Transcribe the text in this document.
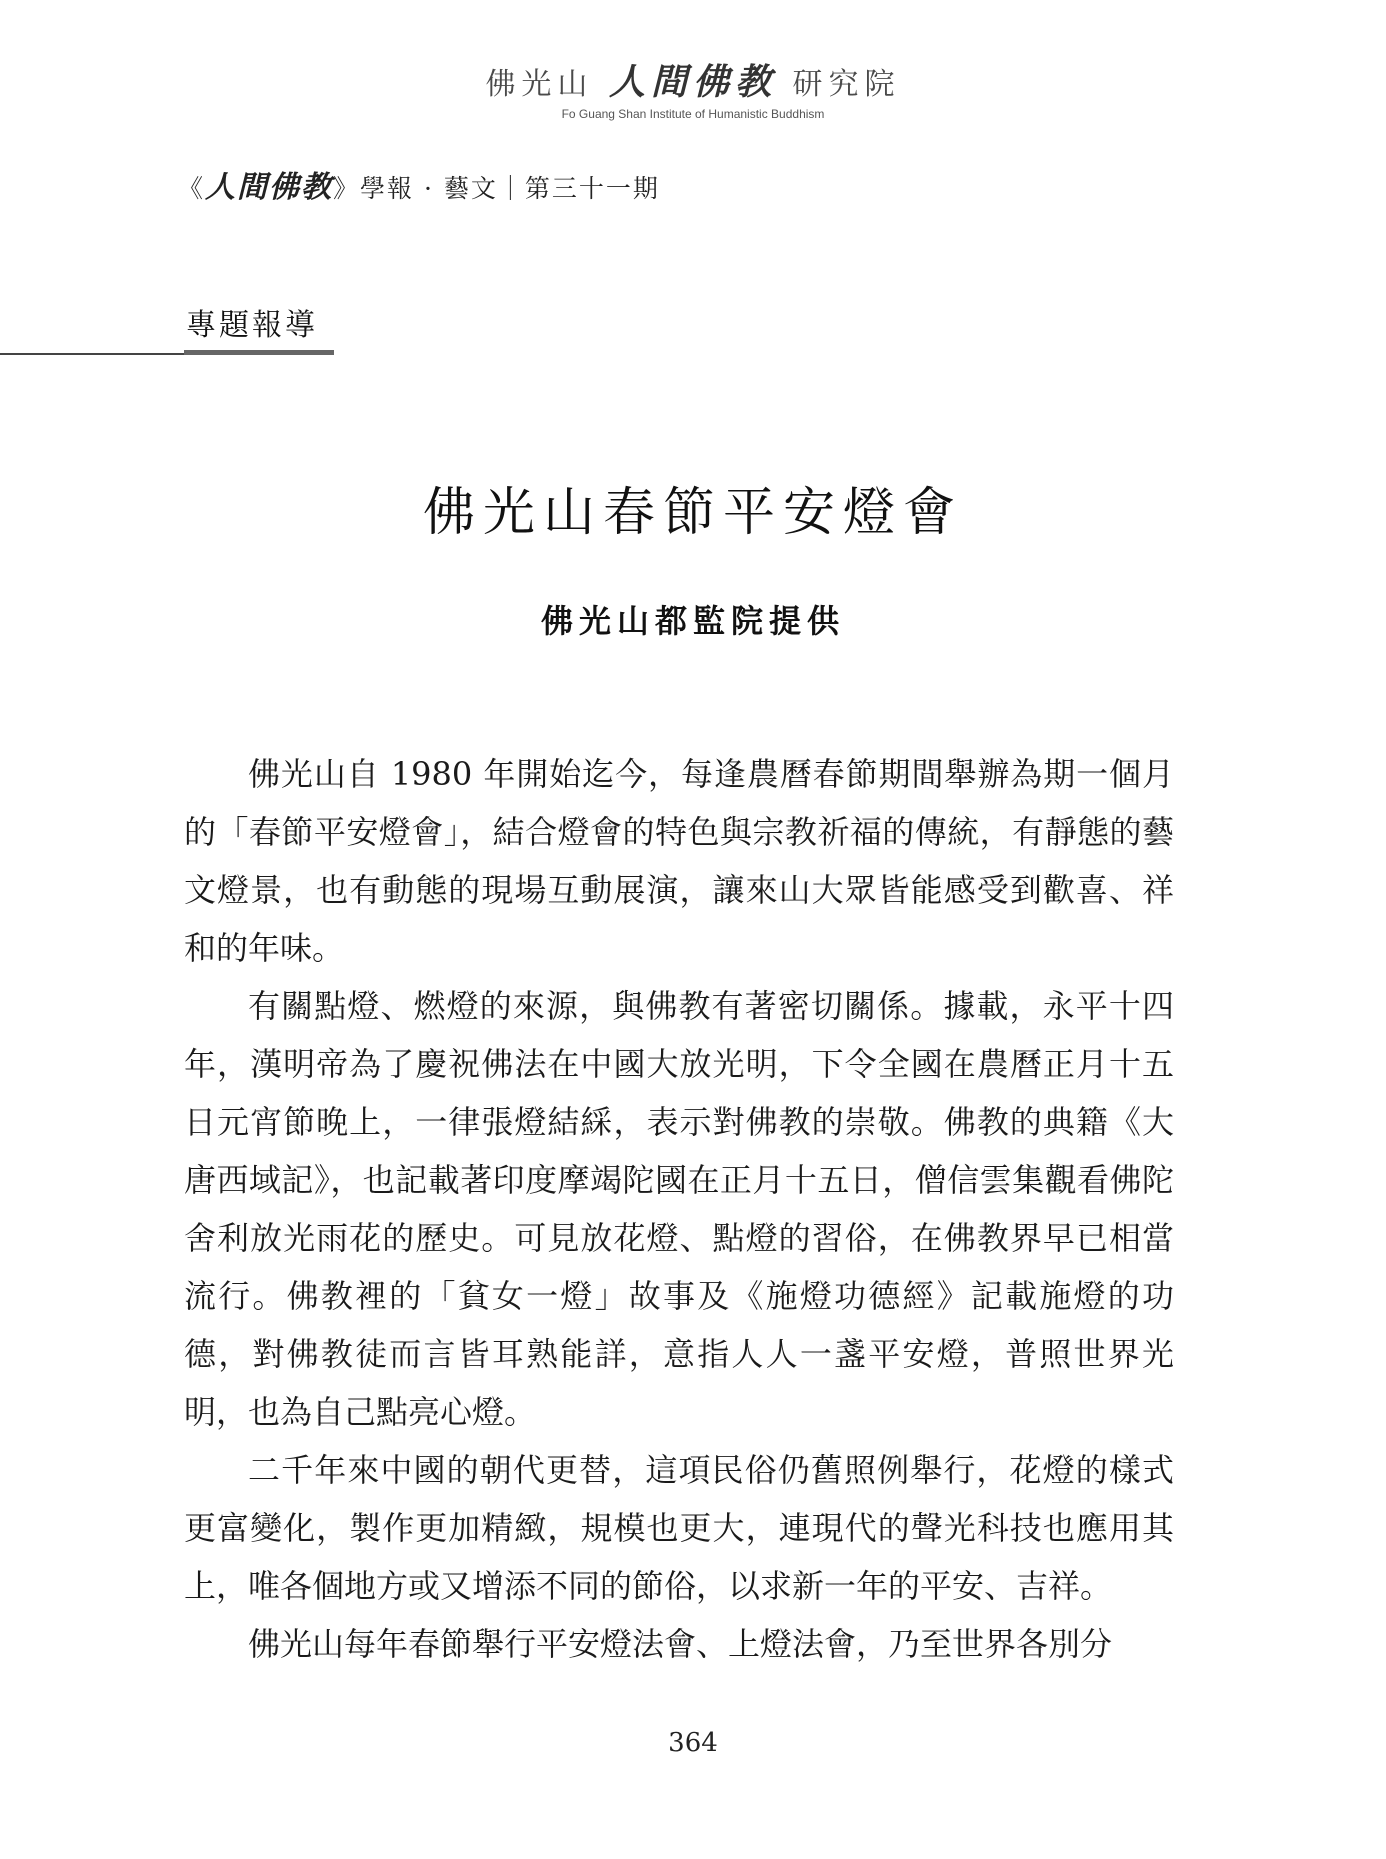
佛光山 人間佛教 研究院
Fo Guang Shan Institute of Humanistic Buddhism
《人間佛教》學報 · 藝文｜第三十一期
專題報導
佛光山春節平安燈會
佛光山都監院提供

佛光山自 1980 年開始迄今，每逢農曆春節期間舉辦為期一個月的「春節平安燈會」，結合燈會的特色與宗教祈福的傳統，有靜態的藝文燈景，也有動態的現場互動展演，讓來山大眾皆能感受到歡喜、祥和的年味。

有關點燈、燃燈的來源，與佛教有著密切關係。據載，永平十四年，漢明帝為了慶祝佛法在中國大放光明，下令全國在農曆正月十五日元宵節晚上，一律張燈結綵，表示對佛教的崇敬。佛教的典籍《大唐西域記》，也記載著印度摩竭陀國在正月十五日，僧信雲集觀看佛陀舍利放光雨花的歷史。可見放花燈、點燈的習俗，在佛教界早已相當流行。佛教裡的「貧女一燈」故事及《施燈功德經》記載施燈的功德，對佛教徒而言皆耳熟能詳，意指人人一盞平安燈，普照世界光明，也為自己點亮心燈。

二千年來中國的朝代更替，這項民俗仍舊照例舉行，花燈的樣式更富變化，製作更加精緻，規模也更大，連現代的聲光科技也應用其上，唯各個地方或又增添不同的節俗，以求新一年的平安、吉祥。

佛光山每年春節舉行平安燈法會、上燈法會，乃至世界各別分

364
